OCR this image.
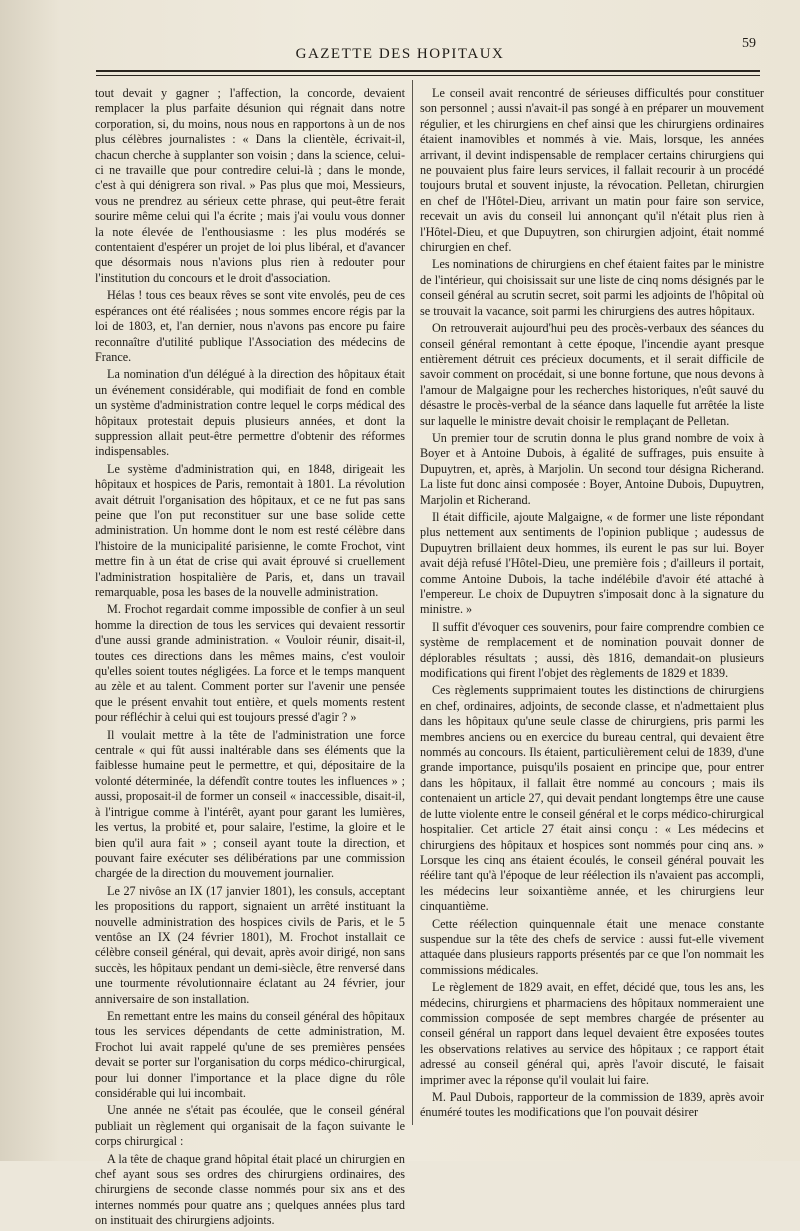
GAZETTE DES HOPITAUX
59

tout devait y gagner ; l'affection, la concorde, devaient remplacer la plus parfaite désunion qui régnait dans notre corporation, si, du moins, nous nous en rapportons à un de nos plus célèbres journalistes : « Dans la clientèle, écrivait-il, chacun cherche à supplanter son voisin ; dans la science, celui-ci ne travaille que pour contredire celui-là ; dans le monde, c'est à qui dénigrera son rival. » Pas plus que moi, Messieurs, vous ne prendrez au sérieux cette phrase, qui peut-être ferait sourire même celui qui l'a écrite ; mais j'ai voulu vous donner la note élevée de l'enthousiasme : les plus modérés se contentaient d'espérer un projet de loi plus libéral, et d'avancer que désormais nous n'avions plus rien à redouter pour l'institution du concours et le droit d'association.

Hélas ! tous ces beaux rêves se sont vite envolés, peu de ces espérances ont été réalisées ; nous sommes encore régis par la loi de 1803, et, l'an dernier, nous n'avons pas encore pu faire reconnaître d'utilité publique l'Association des médecins de France.

La nomination d'un délégué à la direction des hôpitaux était un événement considérable, qui modifiait de fond en comble un système d'administration contre lequel le corps médical des hôpitaux protestait depuis plusieurs années, et dont la suppression allait peut-être permettre d'obtenir des réformes indispensables.

Le système d'administration qui, en 1848, dirigeait les hôpitaux et hospices de Paris, remontait à 1801. La révolution avait détruit l'organisation des hôpitaux, et ce ne fut pas sans peine que l'on put reconstituer sur une base solide cette administration. Un homme dont le nom est resté célèbre dans l'histoire de la municipalité parisienne, le comte Frochot, vint mettre fin à un état de crise qui avait éprouvé si cruellement l'administration hospitalière de Paris, et, dans un travail remarquable, posa les bases de la nouvelle administration.

M. Frochot regardait comme impossible de confier à un seul homme la direction de tous les services qui devaient ressortir d'une aussi grande administration. « Vouloir réunir, disait-il, toutes ces directions dans les mêmes mains, c'est vouloir qu'elles soient toutes négligées. La force et le temps manquent au zèle et au talent. Comment porter sur l'avenir une pensée que le présent envahit tout entière, et quels moments restent pour réfléchir à celui qui est toujours pressé d'agir ? »

Il voulait mettre à la tête de l'administration une force centrale « qui fût aussi inaltérable dans ses éléments que la faiblesse humaine peut le permettre, et qui, dépositaire de la volonté déterminée, la défendît contre toutes les influences » ; aussi, proposait-il de former un conseil « inaccessible, disait-il, à l'intrigue comme à l'intérêt, ayant pour garant les lumières, les vertus, la probité et, pour salaire, l'estime, la gloire et le bien qu'il aura fait » ; conseil ayant toute la direction, et pouvant faire exécuter ses délibérations par une commission chargée de la direction du mouvement journalier.

Le 27 nivôse an IX (17 janvier 1801), les consuls, acceptant les propositions du rapport, signaient un arrêté instituant la nouvelle administration des hospices civils de Paris, et le 5 ventôse an IX (24 février 1801), M. Frochot installait ce célèbre conseil général, qui devait, après avoir dirigé, non sans succès, les hôpitaux pendant un demi-siècle, être renversé dans une tourmente révolutionnaire éclatant au 24 février, jour anniversaire de son installation.

En remettant entre les mains du conseil général des hôpitaux tous les services dépendants de cette administration, M. Frochot lui avait rappelé qu'une de ses premières pensées devait se porter sur l'organisation du corps médico-chirurgical, pour lui donner l'importance et la place digne du rôle considérable qui lui incombait.

Une année ne s'était pas écoulée, que le conseil général publiait un règlement qui organisait de la façon suivante le corps chirurgical :

A la tête de chaque grand hôpital était placé un chirurgien en chef ayant sous ses ordres des chirurgiens ordinaires, des chirurgiens de seconde classe nommés pour six ans et des internes nommés pour quatre ans ; quelques années plus tard on instituait des chirurgiens adjoints.

Le conseil avait rencontré de sérieuses difficultés pour constituer son personnel ; aussi n'avait-il pas songé à en préparer un mouvement régulier, et les chirurgiens en chef ainsi que les chirurgiens ordinaires étaient inamovibles et nommés à vie. Mais, lorsque, les années arrivant, il devint indispensable de remplacer certains chirurgiens qui ne pouvaient plus faire leurs services, il fallait recourir à un procédé toujours brutal et souvent injuste, la révocation. Pelletan, chirurgien en chef de l'Hôtel-Dieu, arrivant un matin pour faire son service, recevait un avis du conseil lui annonçant qu'il n'était plus rien à l'Hôtel-Dieu, et que Dupuytren, son chirurgien adjoint, était nommé chirurgien en chef.

Les nominations de chirurgiens en chef étaient faites par le ministre de l'intérieur, qui choisissait sur une liste de cinq noms désignés par le conseil général au scrutin secret, soit parmi les adjoints de l'hôpital où se trouvait la vacance, soit parmi les chirurgiens des autres hôpitaux.

On retrouverait aujourd'hui peu des procès-verbaux des séances du conseil général remontant à cette époque, l'incendie ayant presque entièrement détruit ces précieux documents, et il serait difficile de savoir comment on procédait, si une bonne fortune, que nous devons à l'amour de Malgaigne pour les recherches historiques, n'eût sauvé du désastre le procès-verbal de la séance dans laquelle fut arrêtée la liste sur laquelle le ministre devait choisir le remplaçant de Pelletan.

Un premier tour de scrutin donna le plus grand nombre de voix à Boyer et à Antoine Dubois, à égalité de suffrages, puis ensuite à Dupuytren, et, après, à Marjolin. Un second tour désigna Richerand. La liste fut donc ainsi composée : Boyer, Antoine Dubois, Dupuytren, Marjolin et Richerand.

Il était difficile, ajoute Malgaigne, « de former une liste répondant plus nettement aux sentiments de l'opinion publique ; audessus de Dupuytren brillaient deux hommes, ils eurent le pas sur lui. Boyer avait déjà refusé l'Hôtel-Dieu, une première fois ; d'ailleurs il portait, comme Antoine Dubois, la tache indélébile d'avoir été attaché à l'empereur. Le choix de Dupuytren s'imposait donc à la signature du ministre. »

Il suffit d'évoquer ces souvenirs, pour faire comprendre combien ce système de remplacement et de nomination pouvait donner de déplorables résultats ; aussi, dès 1816, demandait-on plusieurs modifications qui firent l'objet des règlements de 1829 et 1839.

Ces règlements supprimaient toutes les distinctions de chirurgiens en chef, ordinaires, adjoints, de seconde classe, et n'admettaient plus dans les hôpitaux qu'une seule classe de chirurgiens, pris parmi les membres anciens ou en exercice du bureau central, qui devaient être nommés au concours. Ils étaient, particulièrement celui de 1839, d'une grande importance, puisqu'ils posaient en principe que, pour entrer dans les hôpitaux, il fallait être nommé au concours ; mais ils contenaient un article 27, qui devait pendant longtemps être une cause de lutte violente entre le conseil général et le corps médico-chirurgical hospitalier. Cet article 27 était ainsi conçu : « Les médecins et chirurgiens des hôpitaux et hospices sont nommés pour cinq ans. » Lorsque les cinq ans étaient écoulés, le conseil général pouvait les réélire tant qu'à l'époque de leur réélection ils n'avaient pas accompli, les médecins leur soixantième année, et les chirurgiens leur cinquantième.

Cette réélection quinquennale était une menace constante suspendue sur la tête des chefs de service : aussi fut-elle vivement attaquée dans plusieurs rapports présentés par ce que l'on nommait les commissions médicales.

Le règlement de 1829 avait, en effet, décidé que, tous les ans, les médecins, chirurgiens et pharmaciens des hôpitaux nommeraient une commission composée de sept membres chargée de présenter au conseil général un rapport dans lequel devaient être exposées toutes les observations relatives au service des hôpitaux ; ce rapport était adressé au conseil général qui, après l'avoir discuté, le faisait imprimer avec la réponse qu'il voulait lui faire.

M. Paul Dubois, rapporteur de la commission de 1839, après avoir énuméré toutes les modifications que l'on pouvait désirer
